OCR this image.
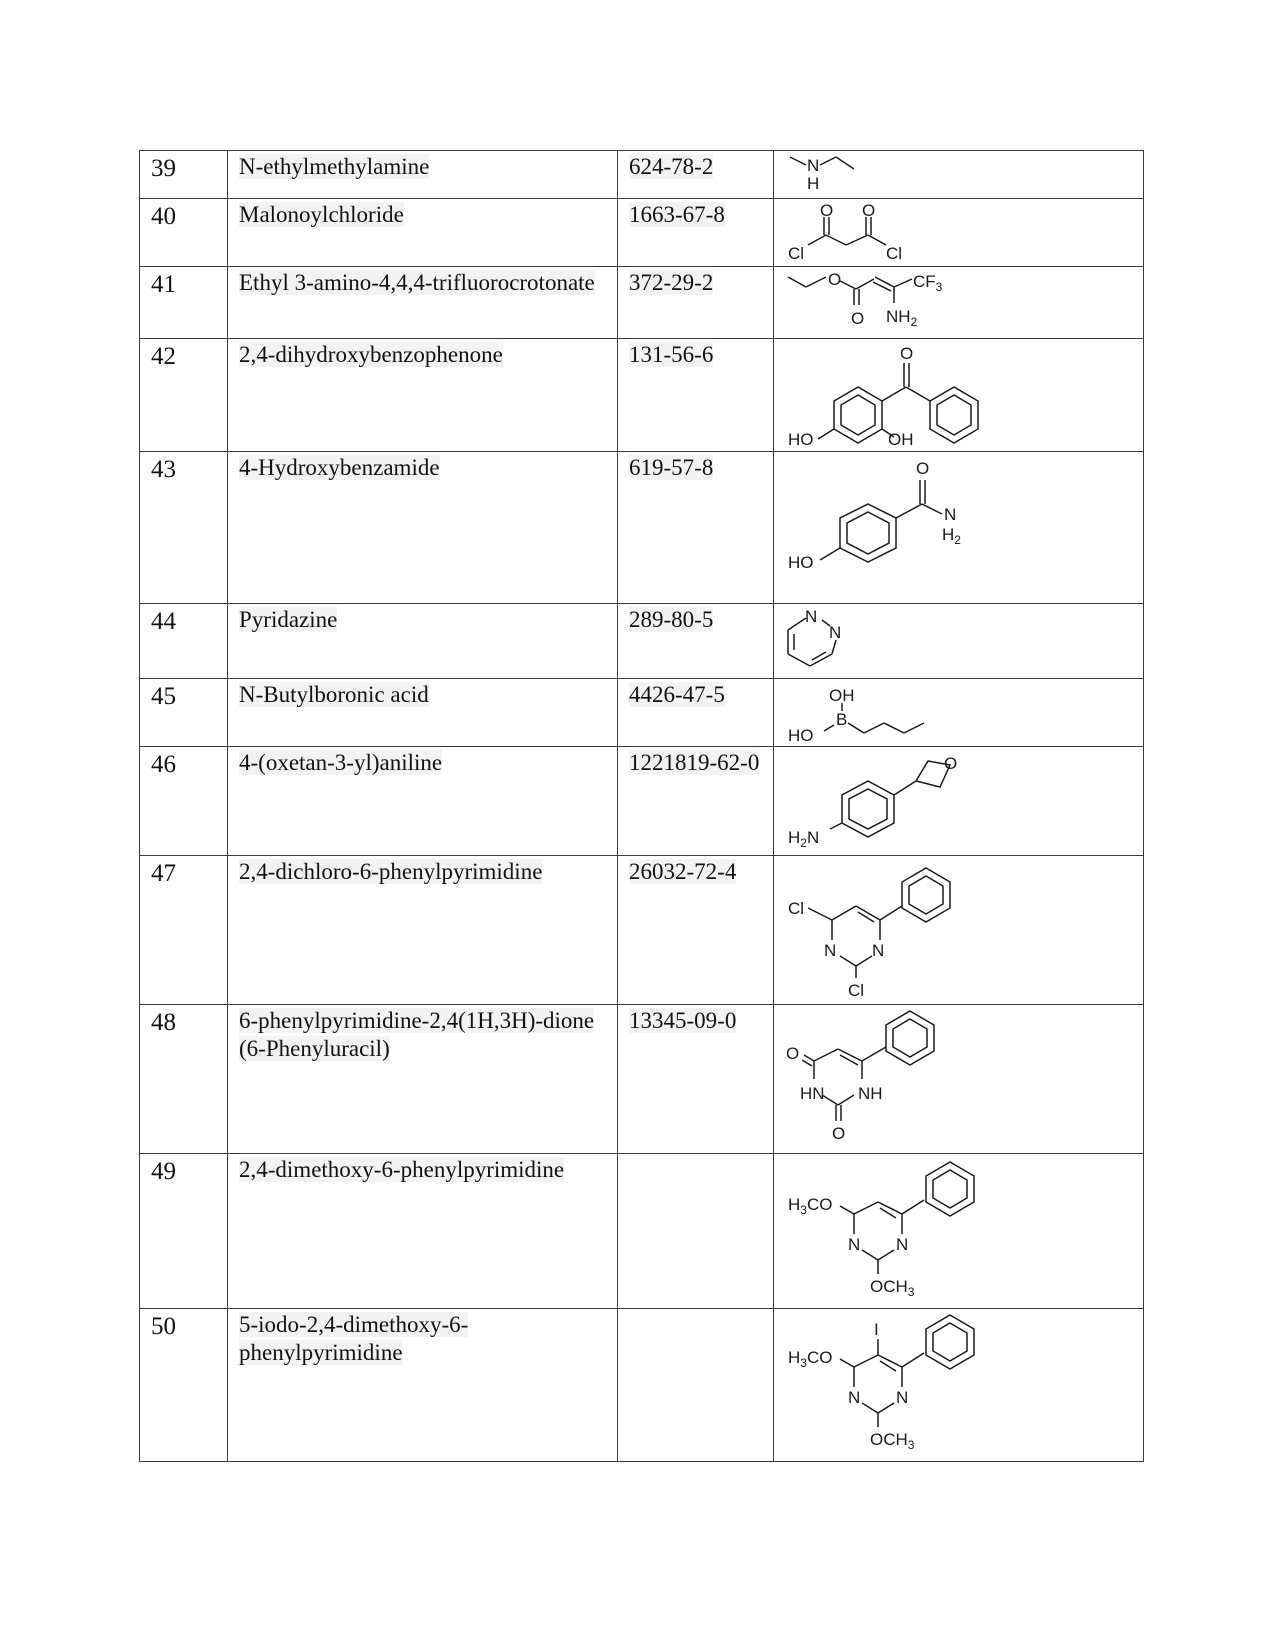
39	N-ethylmethylamine	624-78-2	N
H

40	Malonoylchloride	1663-67-8	O O
Cl Cl

41	Ethyl 3-amino-4,4,4-trifluorocrotonate	372-29-2	O
O
$CF_3$
$NH_2$

42	2,4-dihydroxybenzophenone	131-56-6	O
HO OH

43	4-Hydroxybenzamide	619-57-8	O
N
$H_2$
HO

44	Pyridazine	289-80-5	N
N

45	N-Butylboronic acid	4426-47-5	OH
B
HO

46	4-(oxetan-3-yl)aniline	1221819-62-0	O
$H_2N$

47	2,4-dichloro-6-phenylpyrimidine	26032-72-4	Cl
N N
Cl

48	6-phenylpyrimidine-2,4(1H,3H)-dione (6-Phenyluracil)	13345-09-0	O
HN NH
O

49	2,4-dimethoxy-6-phenylpyrimidine		$H_3CO$
N N
$OCH_3$

50	5-iodo-2,4-dimethoxy-6-phenylpyrimidine		I
$H_3CO$
N N
$OCH_3$
